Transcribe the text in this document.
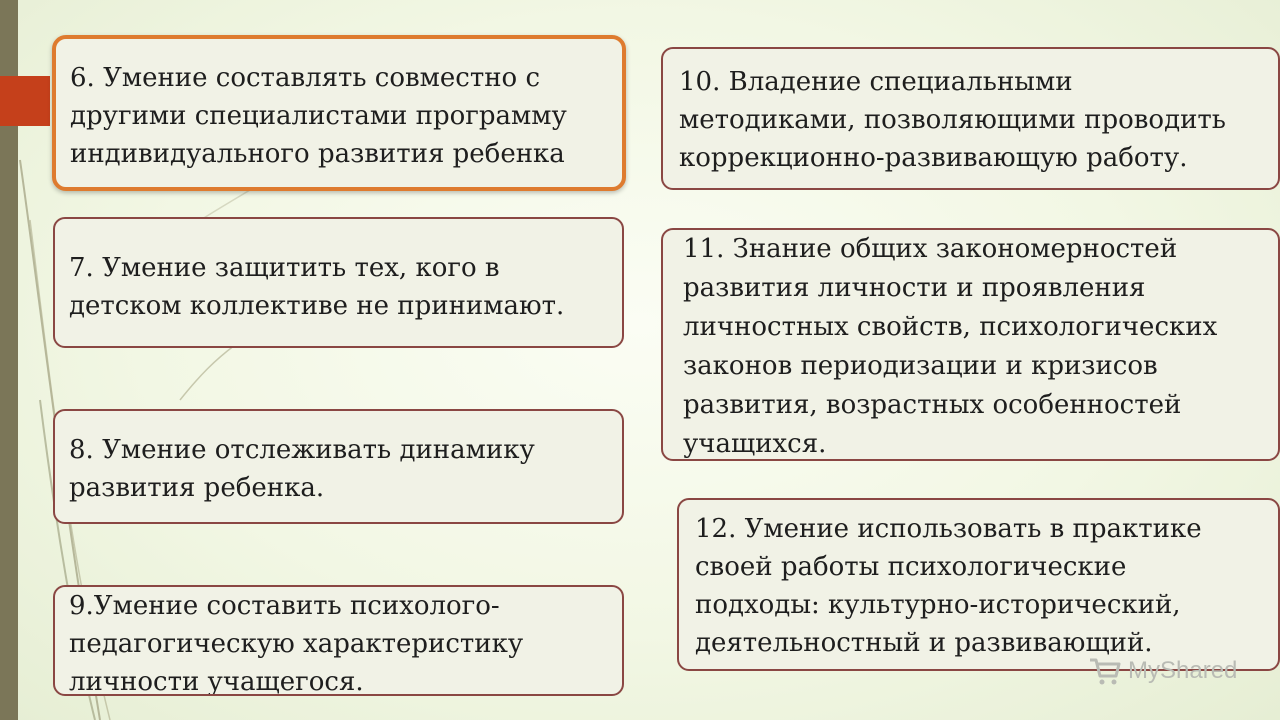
6. Умение составлять совместно с
другими специалистами программу
индивидуального развития ребенка
7. Умение защитить тех, кого в
детском коллективе не принимают.
8. Умение отслеживать динамику
развития ребенка.
9.Умение составить психолого-
педагогическую характеристику
личности учащегося.
10. Владение специальными
методиками, позволяющими проводить
коррекционно-развивающую работу.
11. Знание общих закономерностей
развития личности и проявления
личностных свойств, психологических
законов периодизации и кризисов
развития, возрастных особенностей
учащихся.
12. Умение использовать в практике
своей работы психологические
подходы: культурно-исторический,
деятельностный и развивающий.
MyShared
